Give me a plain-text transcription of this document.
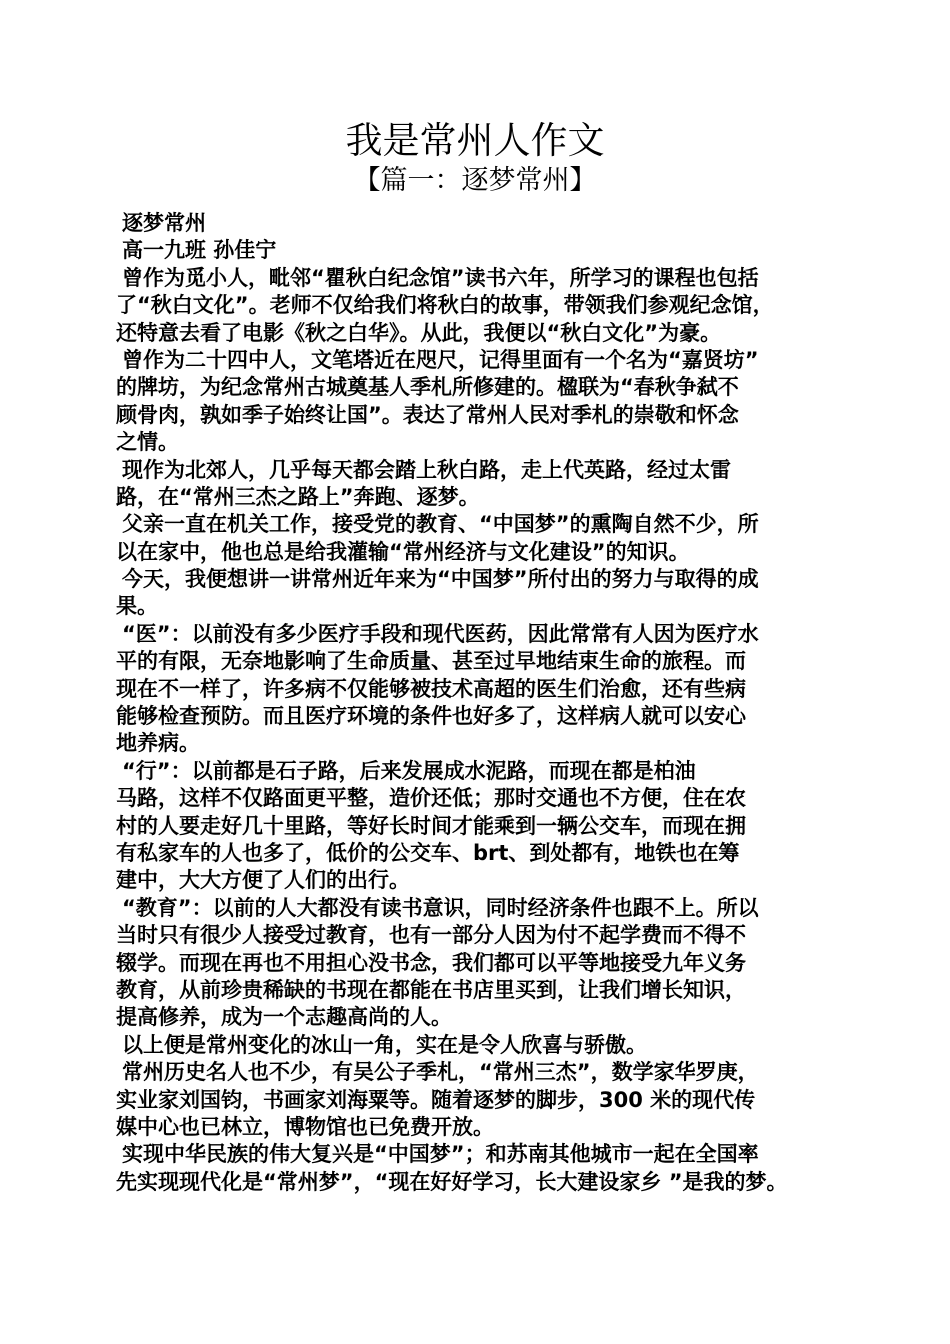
我是常州人作文
【篇一：逐梦常州】
逐梦常州
高一九班 孙佳宁
曾作为觅小人，毗邻“瞿秋白纪念馆”读书六年，所学习的课程也包括
了“秋白文化”。老师不仅给我们将秋白的故事，带领我们参观纪念馆，
还特意去看了电影《秋之白华》。从此，我便以“秋白文化”为豪。
曾作为二十四中人，文笔塔近在咫尺，记得里面有一个名为“嘉贤坊”
的牌坊，为纪念常州古城奠基人季札所修建的。楹联为“春秋争弑不
顾骨肉，孰如季子始终让国”。表达了常州人民对季札的崇敬和怀念
之情。
现作为北郊人，几乎每天都会踏上秋白路，走上代英路，经过太雷
路，在“常州三杰之路上”奔跑、逐梦。
父亲一直在机关工作，接受党的教育、“中国梦”的熏陶自然不少，所
以在家中，他也总是给我灌输“常州经济与文化建设”的知识。
今天，我便想讲一讲常州近年来为“中国梦”所付出的努力与取得的成
果。
“医”：以前没有多少医疗手段和现代医药，因此常常有人因为医疗水
平的有限，无奈地影响了生命质量、甚至过早地结束生命的旅程。而
现在不一样了，许多病不仅能够被技术高超的医生们治愈，还有些病
能够检查预防。而且医疗环境的条件也好多了，这样病人就可以安心
地养病。
“行”：以前都是石子路，后来发展成水泥路，而现在都是柏油
马路，这样不仅路面更平整，造价还低；那时交通也不方便，住在农
村的人要走好几十里路，等好长时间才能乘到一辆公交车，而现在拥
有私家车的人也多了，低价的公交车、brt、到处都有，地铁也在筹
建中，大大方便了人们的出行。
“教育”：以前的人大都没有读书意识，同时经济条件也跟不上。所以
当时只有很少人接受过教育，也有一部分人因为付不起学费而不得不
辍学。而现在再也不用担心没书念，我们都可以平等地接受九年义务
教育，从前珍贵稀缺的书现在都能在书店里买到，让我们增长知识，
提高修养，成为一个志趣高尚的人。
以上便是常州变化的冰山一角，实在是令人欣喜与骄傲。
常州历史名人也不少，有吴公子季札，“常州三杰”，数学家华罗庚，
实业家刘国钧，书画家刘海粟等。随着逐梦的脚步，300 米的现代传
媒中心也已林立，博物馆也已免费开放。
实现中华民族的伟大复兴是“中国梦”；和苏南其他城市一起在全国率
先实现现代化是“常州梦”，“现在好好学习，长大建设家乡 ”是我的梦。
